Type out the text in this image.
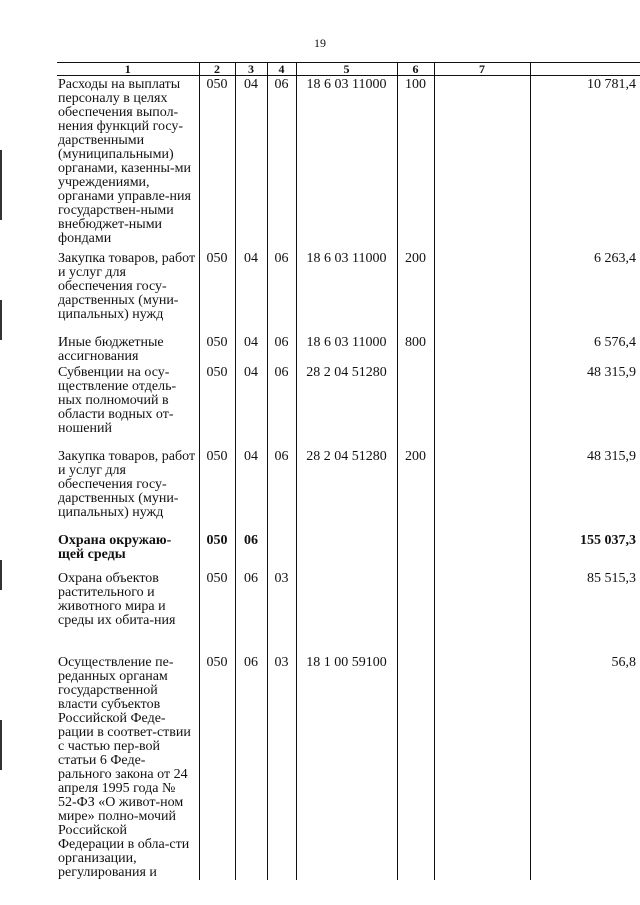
19
1	2	3	4	5	6	7	
Расходы на выплаты персоналу в целях обеспечения выпол-нения функций госу-дарственными (муниципальными) органами, казенны-ми учреждениями, органами управле-ния государствен-ными внебюджет-ными фондами	050	04	06	18 6 03 11000	100		10 781,4
Закупка товаров, работ и услуг для обеспечения госу-дарственных (муни-ципальных) нужд	050	04	06	18 6 03 11000	200		6 263,4
Иные бюджетные ассигнования	050	04	06	18 6 03 11000	800		6 576,4
Субвенции на осу-ществление отдель-ных полномочий в области водных от-ношений	050	04	06	28 2 04 51280			48 315,9
Закупка товаров, работ и услуг для обеспечения госу-дарственных (муни-ципальных) нужд	050	04	06	28 2 04 51280	200		48 315,9
Охрана окружаю-щей среды	050	06					155 037,3
Охрана объектов растительного и животного мира и среды их обита-ния	050	06	03				85 515,3
Осуществление пе-реданных органам государственной власти субъектов Российской Феде-рации в соответ-ствии с частью пер-вой статьи 6 Феде-рального закона от 24 апреля 1995 года № 52-ФЗ «О живот-ном мире» полно-мочий Российской Федерации в обла-сти организации, регулирования и	050	06	03	18 1 00 59100			56,8
